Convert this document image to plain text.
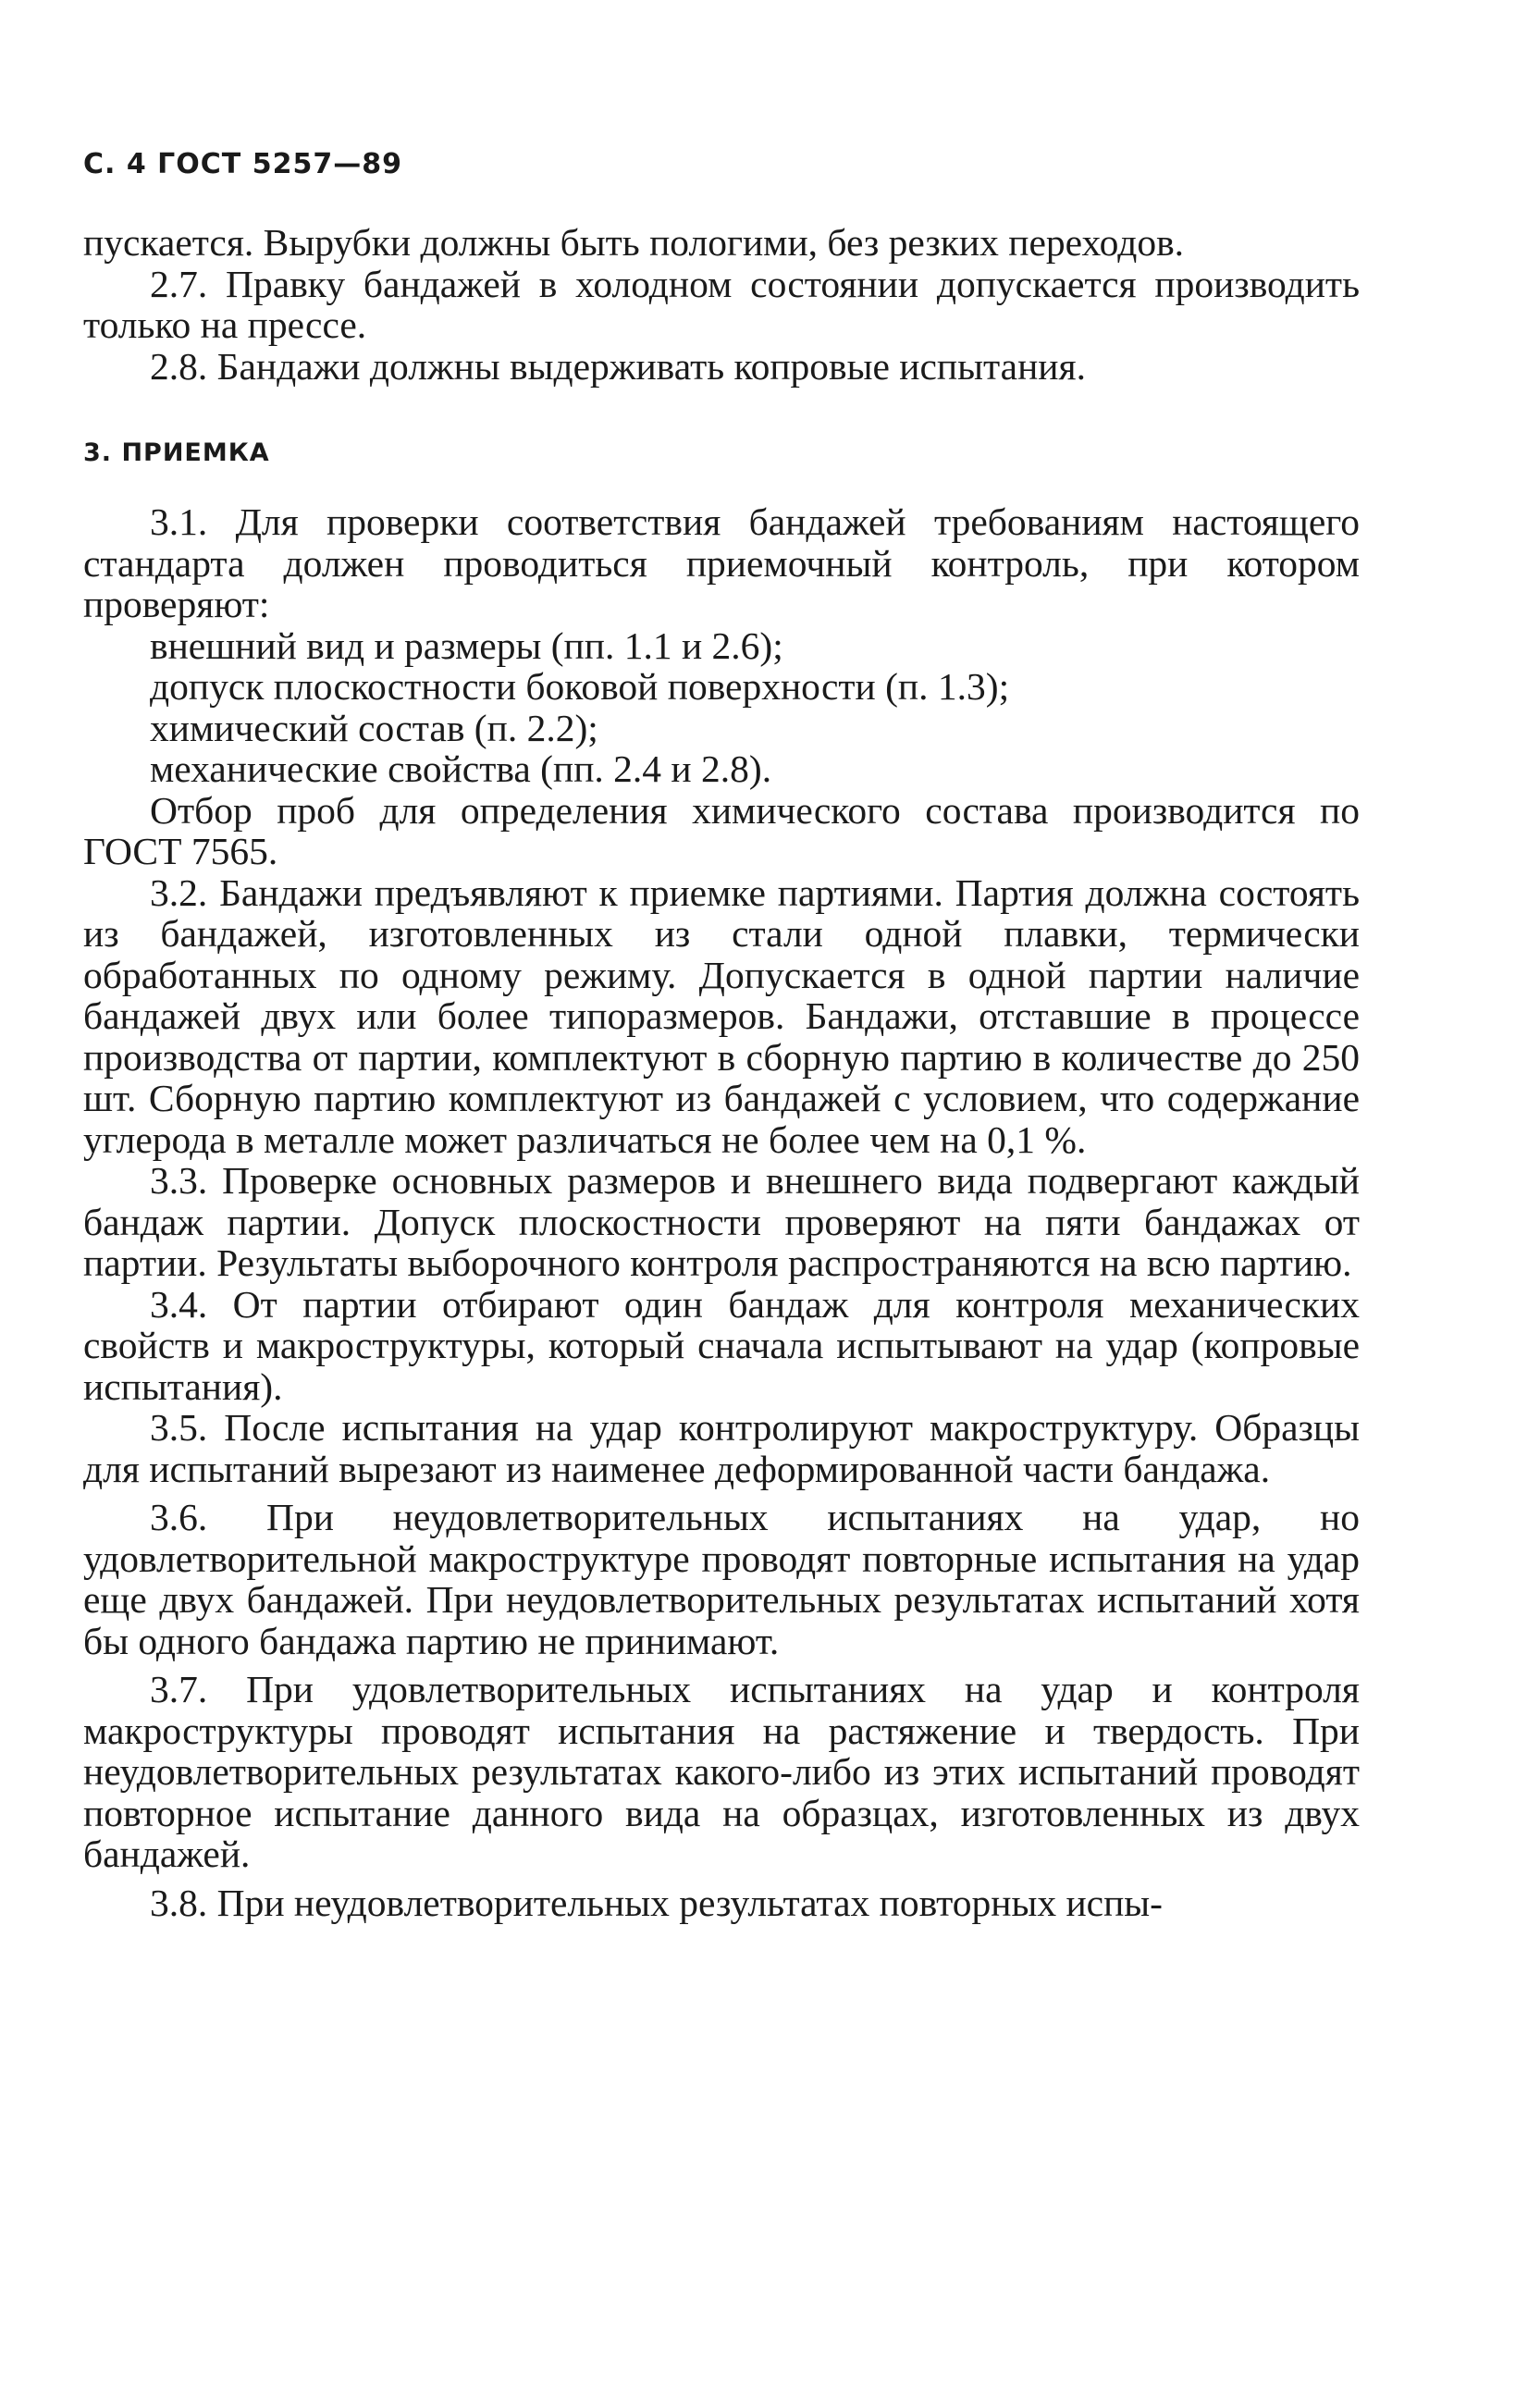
С. 4 ГОСТ 5257—89

пускается. Вырубки должны быть пологими, без резких переходов.

2.7. Правку бандажей в холодном состоянии допускается производить только на прессе.

2.8. Бандажи должны выдерживать копровые испытания.

3. ПРИЕМКА

3.1. Для проверки соответствия бандажей требованиям настоящего стандарта должен проводиться приемочный контроль, при котором проверяют:

внешний вид и размеры (пп. 1.1 и 2.6);

допуск плоскостности боковой поверхности (п. 1.3);

химический состав (п. 2.2);

механические свойства (пп. 2.4 и 2.8).

Отбор проб для определения химического состава производится по ГОСТ 7565.

3.2. Бандажи предъявляют к приемке партиями. Партия должна состоять из бандажей, изготовленных из стали одной плавки, термически обработанных по одному режиму. Допускается в одной партии наличие бандажей двух или более типоразмеров. Бандажи, отставшие в процессе производства от партии, комплектуют в сборную партию в количестве до 250 шт. Сборную партию комплектуют из бандажей с условием, что содержание углерода в металле может различаться не более чем на 0,1 %.

3.3. Проверке основных размеров и внешнего вида подвергают каждый бандаж партии. Допуск плоскостности проверяют на пяти бандажах от партии. Результаты выборочного контроля распространяются на всю партию.

3.4. От партии отбирают один бандаж для контроля механических свойств и макроструктуры, который сначала испытывают на удар (копровые испытания).

3.5. После испытания на удар контролируют макроструктуру. Образцы для испытаний вырезают из наименее деформированной части бандажа.

3.6. При неудовлетворительных испытаниях на удар, но удовлетворительной макроструктуре проводят повторные испытания на удар еще двух бандажей. При неудовлетворительных результатах испытаний хотя бы одного бандажа партию не принимают.

3.7. При удовлетворительных испытаниях на удар и контроля макроструктуры проводят испытания на растяжение и твердость. При неудовлетворительных результатах какого-либо из этих испытаний проводят повторное испытание данного вида на образцах, изготовленных из двух бандажей.

3.8. При неудовлетворительных результатах повторных испы-
